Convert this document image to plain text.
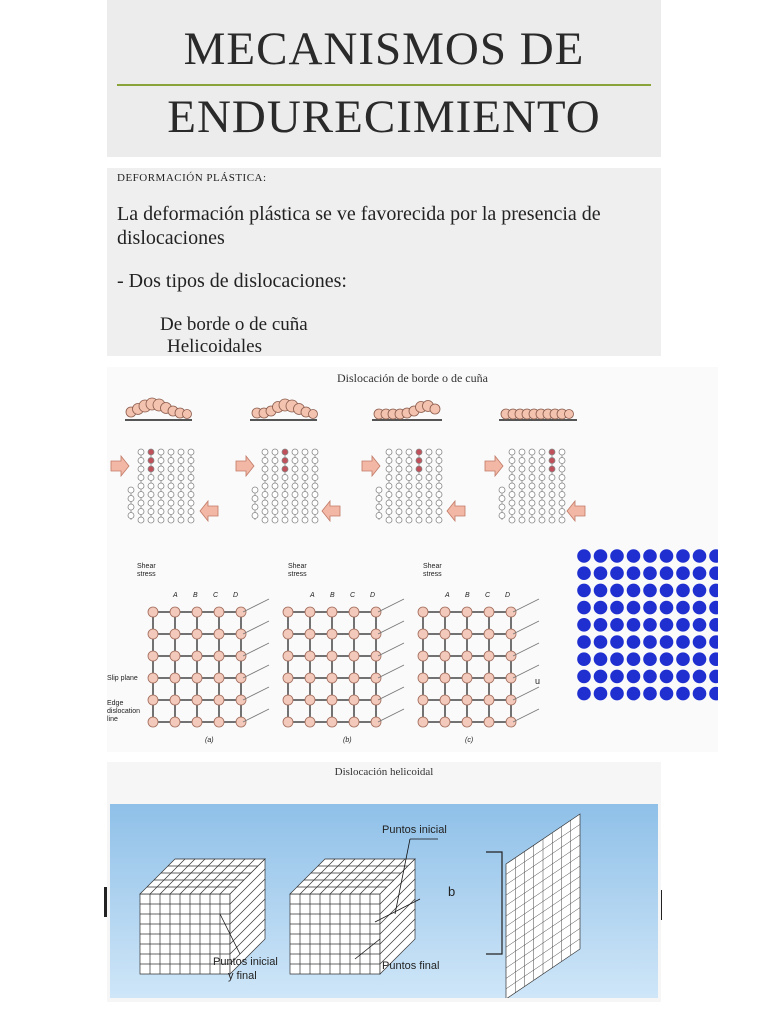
MECANISMOS DE
ENDURECIMIENTO
DEFORMACIÓN PLÁSTICA:
La deformación plástica se ve favorecida por la presencia de dislocaciones
- Dos tipos de dislocaciones:
De borde o de cuña
Helicoidales
Dislocación de borde o de cuña
Shear stress
Shear stress
Shear stress
Slip plane
Edge dislocation line
(a)	(b)	(c)
u
A B C D	A B C D	A B C D
Dislocación helicoidal
Puntos inicial
Puntos inicial
y final
Puntos final
b
